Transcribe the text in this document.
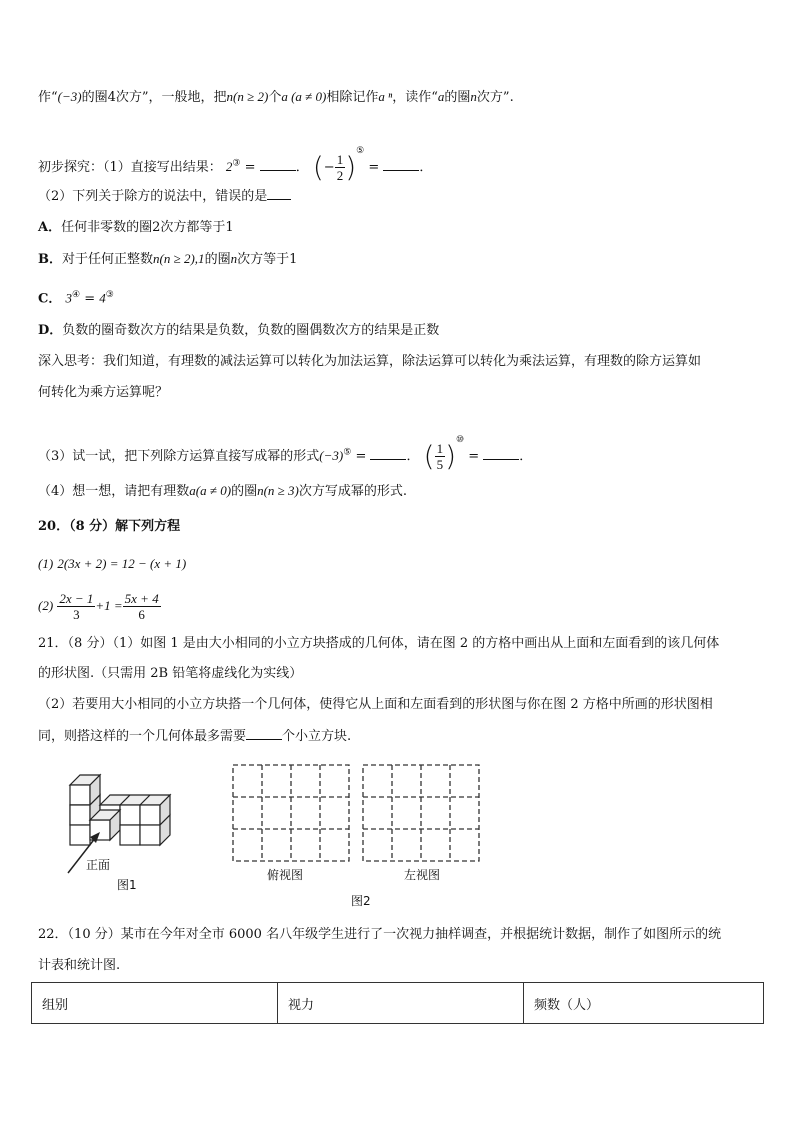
作“(−3)的圈4次方”，一般地，把n(n ≥ 2)个a (a ≠ 0)相除记作a ⁿ，读作“a的圈n次方”.
初步探究：（1）直接写出结果： 2③ =	． (− $\frac{1}{2} )^⑤$ =	．
（2）下列关于除方的说法中，错误的是
A．任何非零数的圈2次方都等于1
B．对于任何正整数n(n ≥ 2),1的圈n次方等于1
C． 3④ = 4③
D．负数的圈奇数次方的结果是负数，负数的圈偶数次方的结果是正数
深入思考：我们知道，有理数的减法运算可以转化为加法运算，除法运算可以转化为乘法运算，有理数的除方运算如
何转化为乘方运算呢？
（3）试一试，把下列除方运算直接写成幂的形式(−3)⑤ =	． ( $\frac{1}{5} )^⑩$ =	．
（4）想一想，请把有理数a(a ≠ 0)的圈n(n ≥ 3)次方写成幂的形式.
20．（8 分）解下列方程
(1) 2(3x + 2) = 12 − (x + 1)
$(2) \frac{2x - 1}{3} +1 = \frac{5x + 4}{6}$
21．（8 分）（1）如图 1 是由大小相同的小立方块搭成的几何体，请在图 2 的方格中画出从上面和左面看到的该几何体
的形状图.（只需用 2B 铅笔将虚线化为实线）
（2）若要用大小相同的小立方块搭一个几何体，使得它从上面和左面看到的形状图与你在图 2 方格中所画的形状图相
同，则搭这样的一个几何体最多需要	个小立方块.
正面
图1
俯视图	左视图
图2
22．（10 分）某市在今年对全市 6000 名八年级学生进行了一次视力抽样调查，并根据统计数据，制作了如图所示的统
计表和统计图.
组别	视力	频数（人）
